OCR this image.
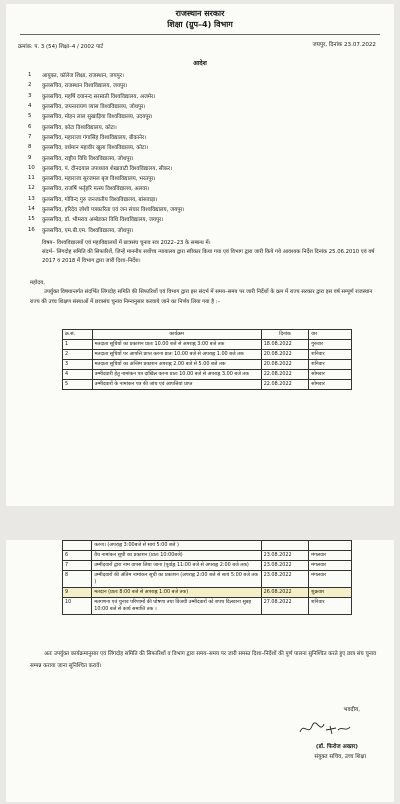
राजस्थान सरकार
शिक्षा (ग्रुप–4) विभाग
क्रमांक: प. 3 (54) शिक्षा–4 / 2002 पार्ट	जयपुर, दिनांक 23.07.2022
आदेश
1	आयुक्त, कॉलेज शिक्षा, राजस्थान, जयपुर।
2	कुलसचिव, राजस्थान विश्वविद्यालय, जयपुर।
3	कुलसचिव, महर्षि दयानन्द सरस्वती विश्वविद्यालय, अजमेर।
4	कुलसचिव, जयनारायण व्यास विश्वविद्यालय, जोधपुर।
5	कुलसचिव, मोहन लाल सुखाड़िया विश्वविद्यालय, उदयपुर।
6	कुलसचिव, कोटा विश्वविद्यालय, कोटा।
7	कुलसचिव, महाराजा गंगासिंह विश्वविद्यालय, बीकानेर।
8	कुलसचिव, वर्धमान महावीर खुला विश्वविद्यालय, कोटा।
9	कुलसचिव, राष्ट्रीय विधि विश्वविद्यालय, जोधपुर।
10	कुलसचिव, पं. दीनदयाल उपाध्याय शेखावाटी विश्वविद्यालय, सीकर।
11	कुलसचिव, महाराजा सूरजमल बृज विश्वविद्यालय, भरतपुर।
12	कुलसचिव, राजर्षि भर्तृहरि मत्स्य विश्वविद्यालय, अलवर।
13	कुलसचिव, गोविन्द गुरु जनजातीय विश्वविद्यालय, बांसवाड़ा।
14	कुलसचिव, हरिदेव जोशी पत्रकारिता एवं जन संचार विश्वविद्यालय, जयपुर।
15	कुलसचिव, डॉ. भीमराव अम्बेडकर विधि विश्वविद्यालय, जयपुर।
16	कुलसचिव, एम.बी.एम. विश्वविद्यालय, जोधपुर।
विषय– विश्वविद्यालयों एवं महाविद्यालयों में छात्रसंघ चुनाव सत्र 2022–23 के सम्बन्ध में।
संदर्भ– लिंगदोह समिति की सिफारिशें, जिन्हें माननीय सर्वोच्च न्यायालय द्वारा स्वीकार किया गया एवं विभाग द्वारा जारी किये गये आवश्यक निर्देश दिनांक 25.06.2010 एवं वर्ष 2017 व 2018 में विभाग द्वारा जारी दिशा–निर्देश।
महोदय,
उपर्युक्त विषयान्तर्गत संदर्भित लिंगदोह समिति की सिफारिशों एवं विभाग द्वारा इस संदर्भ में समय–समय पर जारी निर्देशों के क्रम में राज्य सरकार द्वारा इस वर्ष सम्पूर्ण राजस्थान राज्य की उच्च शिक्षण संस्थाओं में छात्रसंघ चुनाव निम्नानुसार करवाये जाने का निर्णय लिया गया है :–
क्र.सं.	कार्यक्रम	दिनांक	वार
1	मतदाता सूचियों का प्रकाशन प्रातः 10.00 बजे से अपराह्न 3:00 बजे तक	18.08.2022	गुरुवार
2	मतदाता सूचियों पर आपत्ति प्राप्त करना प्रातः 10.00 बजे से अपराह्न 1.00 बजे तक	20.08.2022	शनिवार
3	मतदाता सूचियों का अन्तिम प्रकाशन अपराह्न 2.00 बजे से 5.00 बजे तक	20.08.2022	शनिवार
4	उम्मीदवारी हेतु नामांकन पत्र दाखिल करना प्रातः 10.00 बजे से अपराह्न 3.00 बजे तक	22.08.2022	सोमवार
5	उम्मीदवारों के नामांकन पत्र की जांच एवं आपत्तियां प्राप्त	22.08.2022	सोमवार
	करना। (अपराह्न 3:00बजे से सायं 5:00 बजे )		
6	वैध नामांकन सूची का प्रकाशन (प्रातः 10:00बजे)	23.08.2022	मंगलवार
7	उम्मीदवारों द्वारा नाम वापस लिया जाना (पूर्वाह्न 11:00 बजे से अपराह्न 2:00 बजे तक)	23.08.2022	मंगलवार
8	उम्मीदवारों की अंतिम नामांकन सूची का प्रकाशन (अपराह्न 2:00 बजे से सायं 5:00 बजे तक )	23.08.2022	मंगलवार
9	मतदान (प्रातः 8:00 बजे से अपराह्न 1:00 बजे तक)	26.08.2022	शुक्रवार
10	मतगणना एवं चुनाव परिणामों की घोषणा तथा विजयी उम्मीदवारों को शपथ दिलवाना सुबह 10:00 बजे से कार्य समाप्ति तक ।	27.08.2022	शनिवार
अतः उपर्युक्त कार्यक्रमानुसार एवं लिंगदोह समिति की सिफारिशों व विभाग द्वारा समय–समय पर जारी समस्त दिशा–निर्देशों की पूर्ण पालना सुनिश्चित करते हुए छात्र संघ चुनाव सम्पन्न कराया जाना सुनिश्चित करावें।
भवदीय,
(डॉ. फिरोज अख्तर)
संयुक्त सचिव, उच्च शिक्षा
